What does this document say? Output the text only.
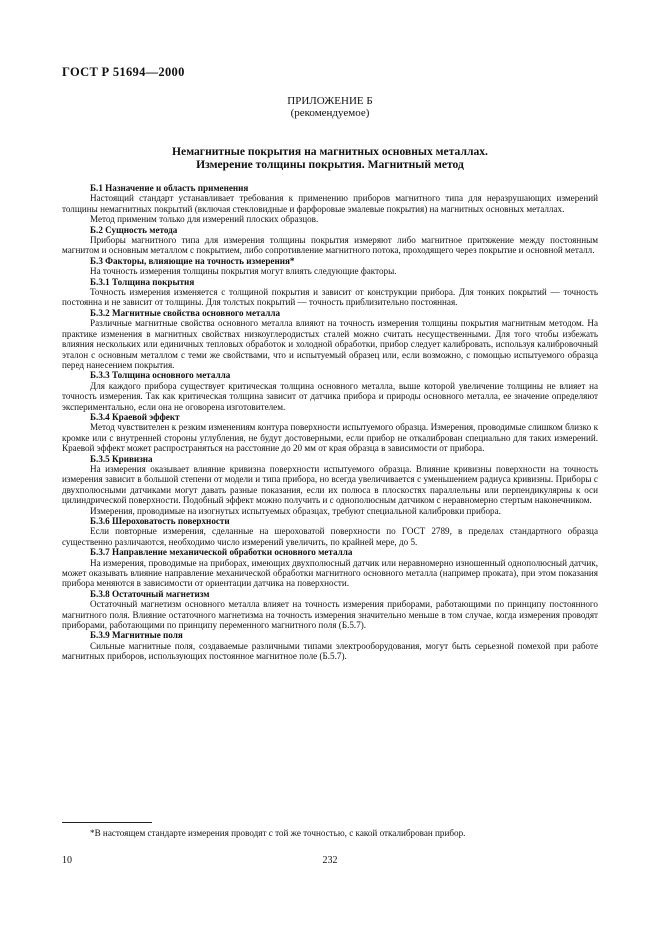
ГОСТ Р 51694—2000
ПРИЛОЖЕНИЕ Б
(рекомендуемое)
Немагнитные покрытия на магнитных основных металлах.
Измерение толщины покрытия. Магнитный метод

Б.1 Назначение и область применения

Настоящий стандарт устанавливает требования к применению приборов магнитного типа для неразрушающих измерений толщины немагнитных покрытий (включая стекловидные и фарфоровые эмалевые покрытия) на магнитных основных металлах.

Метод применим только для измерений плоских образцов.

Б.2 Сущность метода

Приборы магнитного типа для измерения толщины покрытия измеряют либо магнитное притяжение между постоянным магнитом и основным металлом с покрытием, либо сопротивление магнитного потока, проходящего через покрытие и основной металл.

Б.3 Факторы, влияющие на точность измерения*

На точность измерения толщины покрытия могут влиять следующие факторы.

Б.3.1 Толщина покрытия

Точность измерения изменяется с толщиной покрытия и зависит от конструкции прибора. Для тонких покрытий — точность постоянна и не зависит от толщины. Для толстых покрытий — точность приблизительно постоянная.

Б.3.2 Магнитные свойства основного металла

Различные магнитные свойства основного металла влияют на точность измерения толщины покрытия магнитным методом. На практике изменения в магнитных свойствах низкоуглеродистых сталей можно считать несущественными. Для того чтобы избежать влияния нескольких или единичных тепловых обработок и холодной обработки, прибор следует калибровать, используя калибровочный эталон с основным металлом с теми же свойствами, что и испытуемый образец или, если возможно, с помощью испытуемого образца перед нанесением покрытия.

Б.3.3 Толщина основного металла

Для каждого прибора существует критическая толщина основного металла, выше которой увеличение толщины не влияет на точность измерения. Так как критическая толщина зависит от датчика прибора и природы основного металла, ее значение определяют экспериментально, если она не оговорена изготовителем.

Б.3.4 Краевой эффект

Метод чувствителен к резким изменениям контура поверхности испытуемого образца. Измерения, проводимые слишком близко к кромке или с внутренней стороны углубления, не будут достоверными, если прибор не откалиброван специально для таких измерений. Краевой эффект может распространяться на расстояние до 20 мм от края образца в зависимости от прибора.

Б.3.5 Кривизна

На измерения оказывает влияние кривизна поверхности испытуемого образца. Влияние кривизны поверхности на точность измерения зависит в большой степени от модели и типа прибора, но всегда увеличивается с уменьшением радиуса кривизны. Приборы с двухполюсными датчиками могут давать разные показания, если их полюса в плоскостях параллельны или перпендикулярны к оси цилиндрической поверхности. Подобный эффект можно получить и с однополюсным датчиком с неравномерно стертым наконечником.

Измерения, проводимые на изогнутых испытуемых образцах, требуют специальной калибровки прибора.

Б.3.6 Шероховатость поверхности

Если повторные измерения, сделанные на шероховатой поверхности по ГОСТ 2789, в пределах стандартного образца существенно различаются, необходимо число измерений увеличить, по крайней мере, до 5.

Б.3.7 Направление механической обработки основного металла

На измерения, проводимые на приборах, имеющих двухполюсный датчик или неравномерно изношенный однополюсный датчик, может оказывать влияние направление механической обработки магнитного основного металла (например проката), при этом показания прибора меняются в зависимости от ориентации датчика на поверхности.

Б.3.8 Остаточный магнетизм

Остаточный магнетизм основного металла влияет на точность измерения приборами, работающими по принципу постоянного магнитного поля. Влияние остаточного магнетизма на точность измерения значительно меньше в том случае, когда измерения проводят приборами, работающими по принципу переменного магнитного поля (Б.5.7).

Б.3.9 Магнитные поля

Сильные магнитные поля, создаваемые различными типами электрооборудования, могут быть серьезной помехой при работе магнитных приборов, использующих постоянное магнитное поле (Б.5.7).

*В настоящем стандарте измерения проводят с той же точностью, с какой откалиброван прибор.
10	232
